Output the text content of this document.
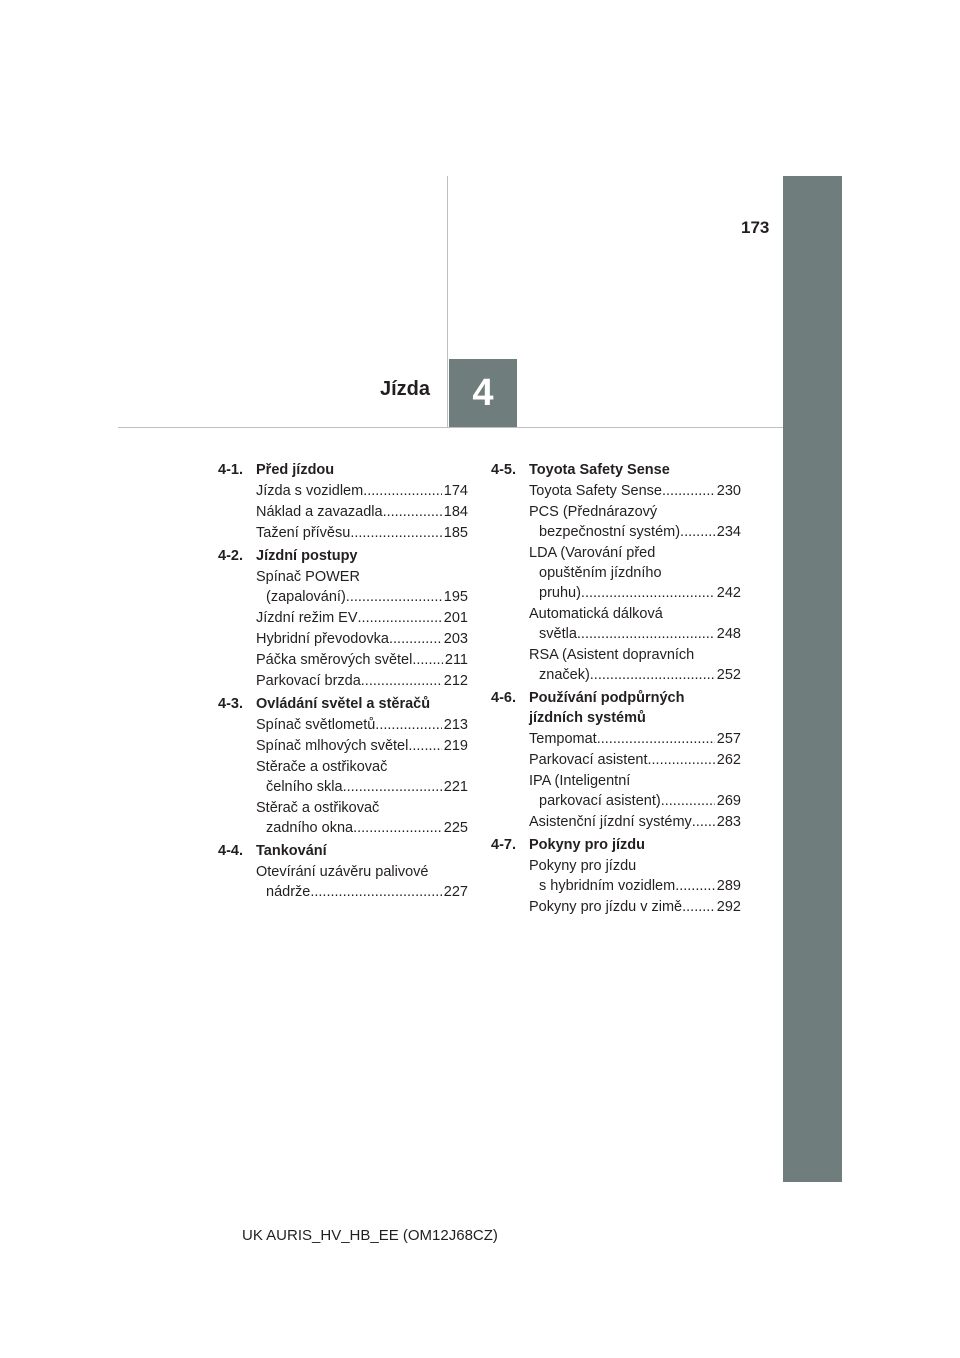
173
Jízda	4
4-1. Před jízdou
Jízda s vozidlem .....	174
Náklad a zavazadla .....	184
Tažení přívěsu .....	185
4-2. Jízdní postupy
Spínač POWER
(zapalování) .....	195
Jízdní režim EV .....	201
Hybridní převodovka .....	203
Páčka směrových světel .....	211
Parkovací brzda .....	212
4-3. Ovládání světel a stěračů
Spínač světlometů .....	213
Spínač mlhových světel .....	219
Stěrače a ostřikovač
čelního skla .....	221
Stěrač a ostřikovač
zadního okna .....	225
4-4. Tankování
Otevírání uzávěru palivové
nádrže .....	227
4-5. Toyota Safety Sense
Toyota Safety Sense .....	230
PCS (Přednárazový
bezpečnostní systém) .....	234
LDA (Varování před
opuštěním jízdního
pruhu) .....	242
Automatická dálková
světla .....	248
RSA (Asistent dopravních
značek) .....	252
4-6. Používání podpůrných jízdních systémů
Tempomat .....	257
Parkovací asistent .....	262
IPA (Inteligentní
parkovací asistent) .....	269
Asistenční jízdní systémy .....	283
4-7. Pokyny pro jízdu
Pokyny pro jízdu
s hybridním vozidlem .....	289
Pokyny pro jízdu v zimě .....	292
UK AURIS_HV_HB_EE (OM12J68CZ)
